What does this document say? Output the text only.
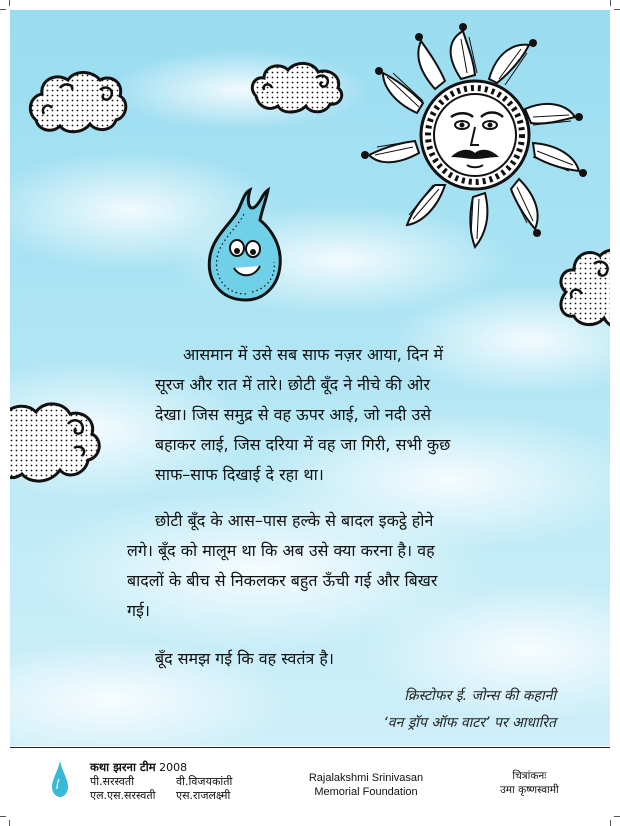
आसमान में उसे सब साफ नज़र आया, दिन में
सूरज और रात में तारे। छोटी बूँद ने नीचे की ओर
देखा। जिस समुद्र से वह ऊपर आई, जो नदी उसे
बहाकर लाई, जिस दरिया में वह जा गिरी, सभी कुछ
साफ–साफ दिखाई दे रहा था।

छोटी बूँद के आस–पास हल्के से बादल इकट्ठे होने
लगे। बूँद को मालूम था कि अब उसे क्या करना है। वह
बादलों के बीच से निकलकर बहुत ऊँची गई और बिखर
गई।

बूँद समझ गई कि वह स्वतंत्र है।

क्रिस्टोफर ई. जोन्स की कहानी
‘वन ड्रॉप ऑफ वाटर’ पर आधारित
कथा झरना टीम 2008
पी.सरस्वती	वी.विजयकांती
एल.एस.सरस्वती एस.राजलक्ष्मी
Rajalakshmi Srinivasan
Memorial Foundation
चित्रांकनः
उमा कृष्णस्वामी
